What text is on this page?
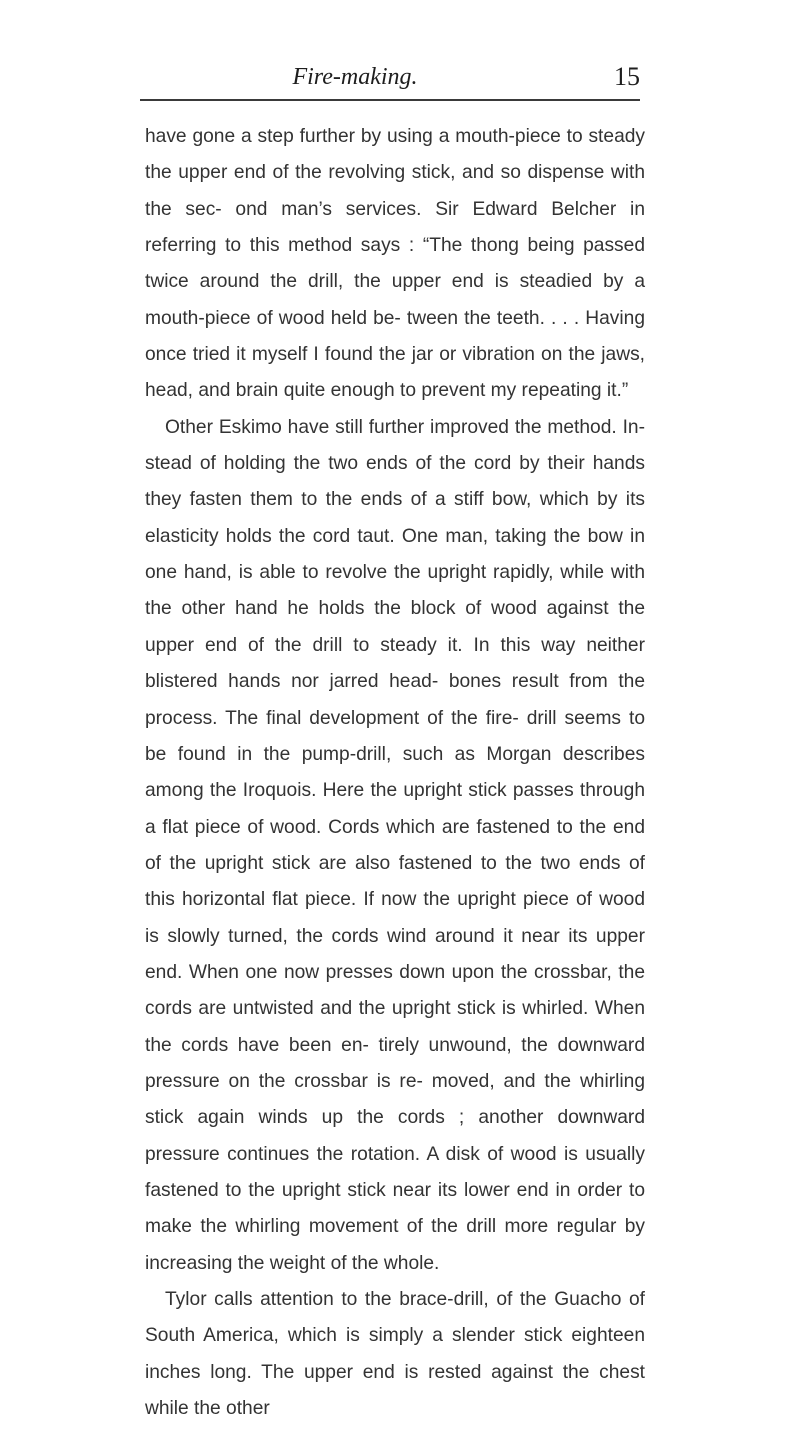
Fire-making.	15

have gone a step further by using a mouth-piece to steady the upper end of the revolving stick, and so dispense with the sec- ond man’s services. Sir Edward Belcher in referring to this method says : “The thong being passed twice around the drill, the upper end is steadied by a mouth-piece of wood held be- tween the teeth. . . . Having once tried it myself I found the jar or vibration on the jaws, head, and brain quite enough to prevent my repeating it.”

Other Eskimo have still further improved the method. In- stead of holding the two ends of the cord by their hands they fasten them to the ends of a stiff bow, which by its elasticity holds the cord taut. One man, taking the bow in one hand, is able to revolve the upright rapidly, while with the other hand he holds the block of wood against the upper end of the drill to steady it. In this way neither blistered hands nor jarred head- bones result from the process. The final development of the fire- drill seems to be found in the pump-drill, such as Morgan describes among the Iroquois. Here the upright stick passes through a flat piece of wood. Cords which are fastened to the end of the upright stick are also fastened to the two ends of this horizontal flat piece. If now the upright piece of wood is slowly turned, the cords wind around it near its upper end. When one now presses down upon the crossbar, the cords are untwisted and the upright stick is whirled. When the cords have been en- tirely unwound, the downward pressure on the crossbar is re- moved, and the whirling stick again winds up the cords ; another downward pressure continues the rotation. A disk of wood is usually fastened to the upright stick near its lower end in order to make the whirling movement of the drill more regular by increasing the weight of the whole.

Tylor calls attention to the brace-drill, of the Guacho of South America, which is simply a slender stick eighteen inches long. The upper end is rested against the chest while the other
